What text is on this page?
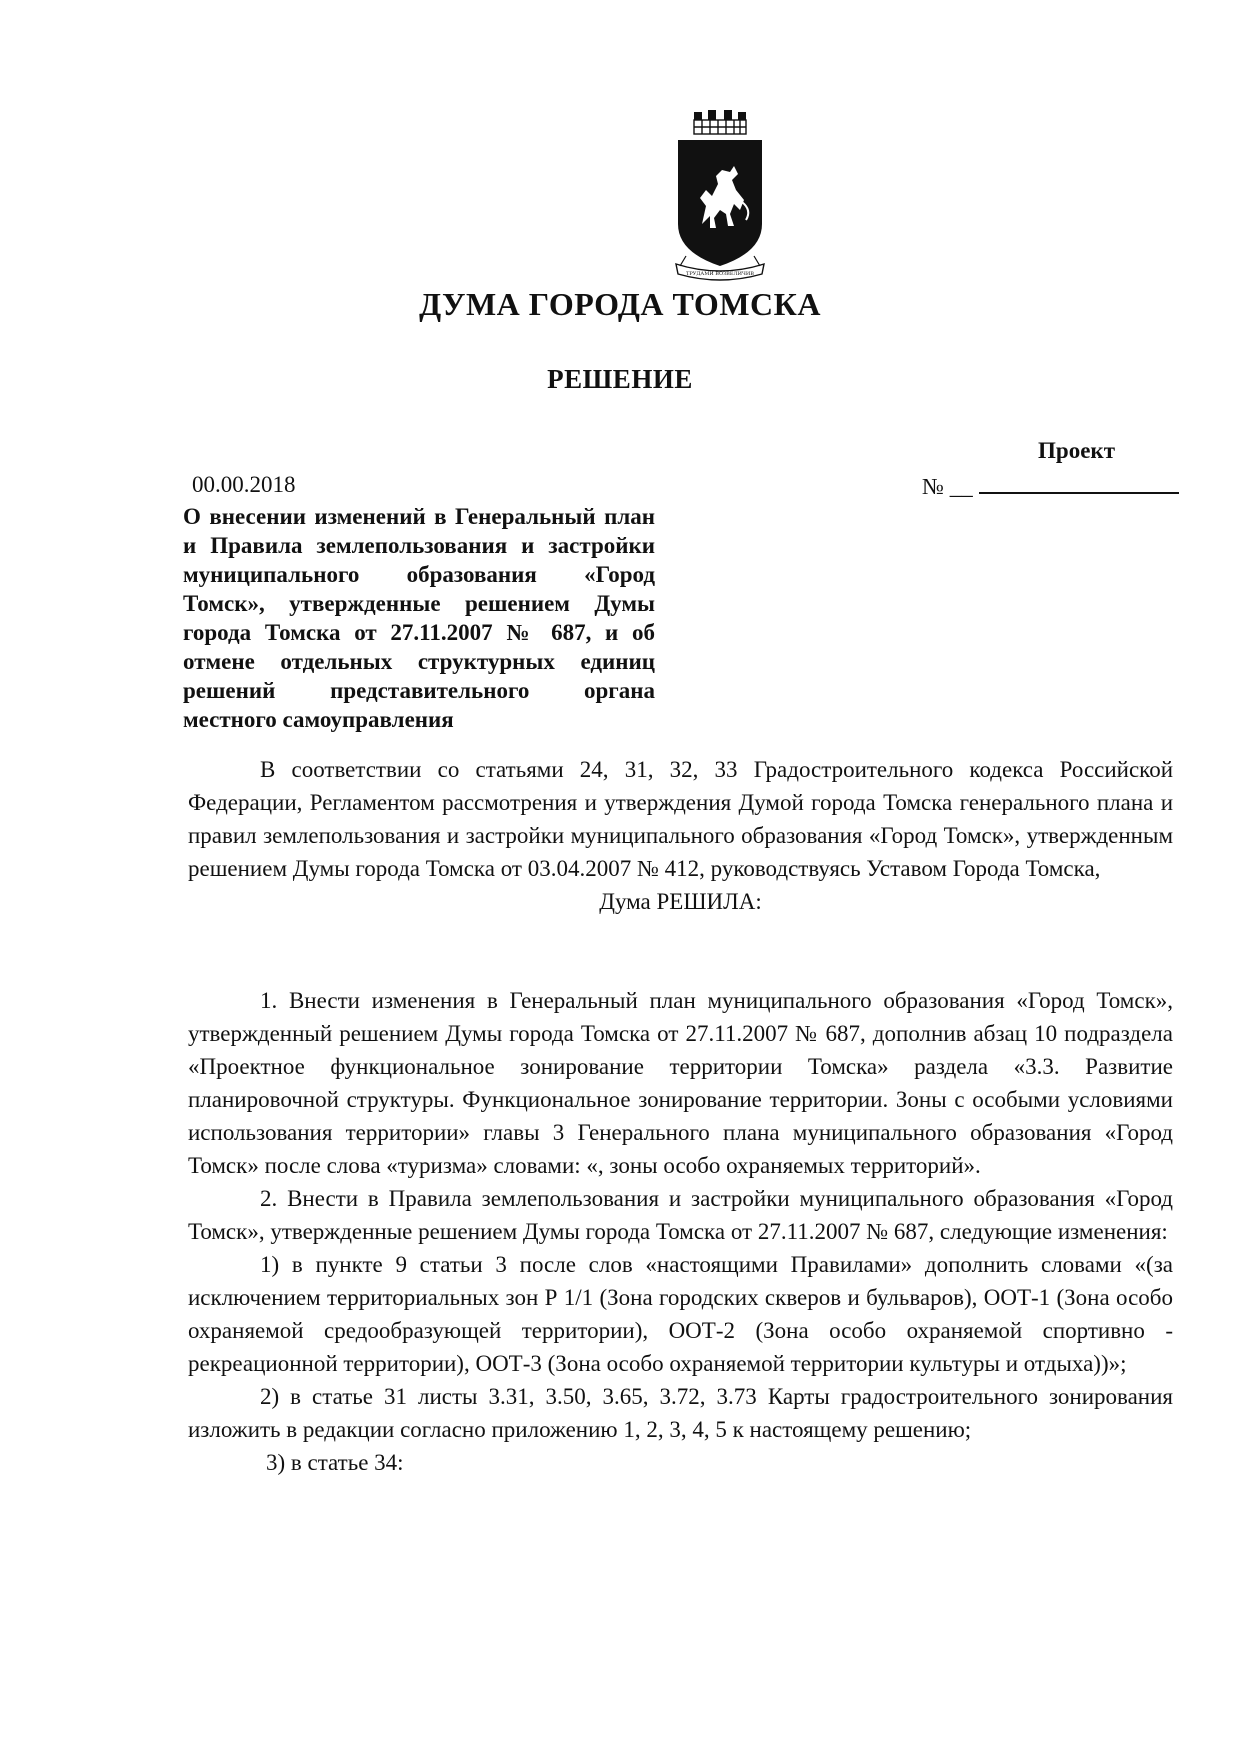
ТРУДАМИ ВОЗВЕЛИЧИВ
ДУМА ГОРОДА ТОМСКА
РЕШЕНИЕ
Проект
00.00.2018	№ __
О внесении изменений в Генеральный план и Правила землепользования и застройки муниципального образования «Город Томск», утвержденные решением Думы города Томска от 27.11.2007 № 687, и об отмене отдельных структурных единиц решений представительного органа местного самоуправления

В соответствии со статьями 24, 31, 32, 33 Градостроительного кодекса Российской Федерации, Регламентом рассмотрения и утверждения Думой города Томска генерального плана и правил землепользования и застройки муниципального образования «Город Томск», утвержденным решением Думы города Томска от 03.04.2007 № 412, руководствуясь Уставом Города Томска,

Дума РЕШИЛА:

1. Внести изменения в Генеральный план муниципального образования «Город Томск», утвержденный решением Думы города Томска от 27.11.2007 № 687, дополнив абзац 10 подраздела «Проектное функциональное зонирование территории Томска» раздела «3.3. Развитие планировочной структуры. Функциональное зонирование территории. Зоны с особыми условиями использования территории» главы 3 Генерального плана муниципального образования «Город Томск» после слова «туризма» словами: «, зоны особо охраняемых территорий».

2. Внести в Правила землепользования и застройки муниципального образования «Город Томск», утвержденные решением Думы города Томска от 27.11.2007 № 687, следующие изменения:

1) в пункте 9 статьи 3 после слов «настоящими Правилами» дополнить словами «(за исключением территориальных зон Р 1/1 (Зона городских скверов и бульваров), ООТ-1 (Зона особо охраняемой средообразующей территории), ООТ-2 (Зона особо охраняемой спортивно - рекреационной территории), ООТ-3 (Зона особо охраняемой территории культуры и отдыха))»;

2) в статье 31 листы 3.31, 3.50, 3.65, 3.72, 3.73 Карты градостроительного зонирования изложить в редакции согласно приложению 1, 2, 3, 4, 5 к настоящему решению;

3) в статье 34:
